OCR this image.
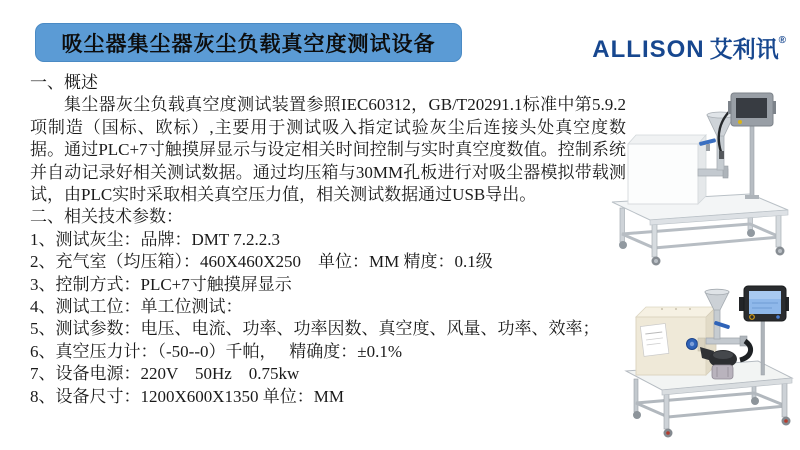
吸尘器集尘器灰尘负载真空度测试设备	ALLISON 艾利讯®
一、概述
集尘器灰尘负载真空度测试装置参照IEC60312，GB/T20291.1标准中第5.9.2项制造（国标、欧标）,主要用于测试吸入指定试验灰尘后连接头处真空度数据。通过PLC+7寸触摸屏显示与设定相关时间控制与实时真空度数值。控制系统并自动记录好相关测试数据。通过均压箱与30MM孔板进行对吸尘器模拟带载测试，由PLC实时采取相关真空压力值，相关测试数据通过USB导出。
二、相关技术参数：
1、测试灰尘：品牌：DMT 7.2.2.3
2、充气室（均压箱）：460X460X250　单位：MM 精度：0.1级
3、控制方式：PLC+7寸触摸屏显示
4、测试工位：单工位测试：
5、测试参数：电压、电流、功率、功率因数、真空度、风量、功率、效率；
6、真空压力计：（-50--0）千帕，　 精确度：±0.1%
7、设备电源：220V　50Hz　0.75kw
8、设备尺寸：1200X600X1350 单位：MM
